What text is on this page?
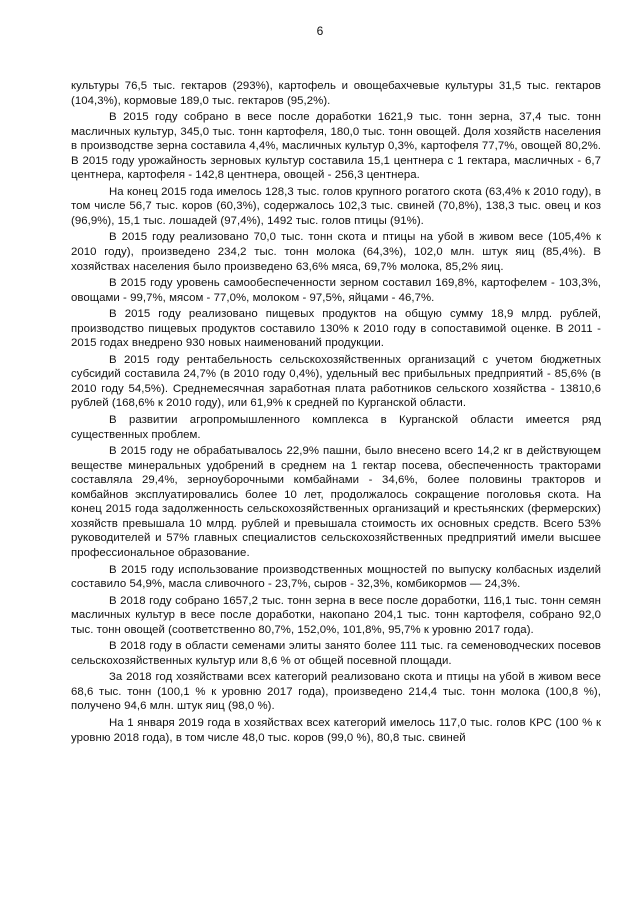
6

культуры 76,5 тыс. гектаров (293%), картофель и овощебахчевые культуры 31,5 тыс. гектаров (104,3%), кормовые 189,0 тыс. гектаров (95,2%).

В 2015 году собрано в весе после доработки 1621,9 тыс. тонн зерна, 37,4 тыс. тонн масличных культур, 345,0 тыс. тонн картофеля, 180,0 тыс. тонн овощей. Доля хозяйств населения в производстве зерна составила 4,4%, масличных культур 0,3%, картофеля 77,7%, овощей 80,2%. В 2015 году урожайность зерновых культур составила 15,1 центнера с 1 гектара, масличных - 6,7 центнера, картофеля - 142,8 центнера, овощей - 256,3 центнера.

На конец 2015 года имелось 128,3 тыс. голов крупного рогатого скота (63,4% к 2010 году), в том числе 56,7 тыс. коров (60,3%), содержалось 102,3 тыс. свиней (70,8%), 138,3 тыс. овец и коз (96,9%), 15,1 тыс. лошадей (97,4%), 1492 тыс. голов птицы (91%).

В 2015 году реализовано 70,0 тыс. тонн скота и птицы на убой в живом весе (105,4% к 2010 году), произведено 234,2 тыс. тонн молока (64,3%), 102,0 млн. штук яиц (85,4%). В хозяйствах населения было произведено 63,6% мяса, 69,7% молока, 85,2% яиц.

В 2015 году уровень самообеспеченности зерном составил 169,8%, картофелем - 103,3%, овощами - 99,7%, мясом - 77,0%, молоком - 97,5%, яйцами - 46,7%.

В 2015 году реализовано пищевых продуктов на общую сумму 18,9 млрд. рублей, производство пищевых продуктов составило 130% к 2010 году в сопоставимой оценке. В 2011 - 2015 годах внедрено 930 новых наименований продукции.

В 2015 году рентабельность сельскохозяйственных организаций с учетом бюджетных субсидий составила 24,7% (в 2010 году 0,4%), удельный вес прибыльных предприятий - 85,6% (в 2010 году 54,5%). Среднемесячная заработная плата работников сельского хозяйства - 13810,6 рублей (168,6% к 2010 году), или 61,9% к средней по Курганской области.

В развитии агропромышленного комплекса в Курганской области имеется ряд существенных проблем.

В 2015 году не обрабатывалось 22,9% пашни, было внесено всего 14,2 кг в действующем веществе минеральных удобрений в среднем на 1 гектар посева, обеспеченность тракторами составляла 29,4%, зерноуборочными комбайнами - 34,6%, более половины тракторов и комбайнов эксплуатировались более 10 лет, продолжалось сокращение поголовья скота. На конец 2015 года задолженность сельскохозяйственных организаций и крестьянских (фермерских) хозяйств превышала 10 млрд. рублей и превышала стоимость их основных средств. Всего 53% руководителей и 57% главных специалистов сельскохозяйственных предприятий имели высшее профессиональное образование.

В 2015 году использование производственных мощностей по выпуску колбасных изделий составило 54,9%, масла сливочного - 23,7%, сыров - 32,3%, комбикормов — 24,3%.

В 2018 году собрано 1657,2 тыс. тонн зерна в весе после доработки, 116,1 тыс. тонн семян масличных культур в весе после доработки, накопано 204,1 тыс. тонн картофеля, собрано 92,0 тыс. тонн овощей (соответственно 80,7%, 152,0%, 101,8%, 95,7% к уровню 2017 года).

В 2018 году в области семенами элиты занято более 111 тыс. га семеноводческих посевов сельскохозяйственных культур или 8,6 % от общей посевной площади.

За 2018 год хозяйствами всех категорий реализовано скота и птицы на убой в живом весе 68,6 тыс. тонн (100,1 % к уровню 2017 года), произведено 214,4 тыс. тонн молока (100,8 %), получено 94,6 млн. штук яиц (98,0 %).

На 1 января 2019 года в хозяйствах всех категорий имелось 117,0 тыс. голов КРС (100 % к уровню 2018 года), в том числе 48,0 тыс. коров (99,0 %), 80,8 тыс. свиней
